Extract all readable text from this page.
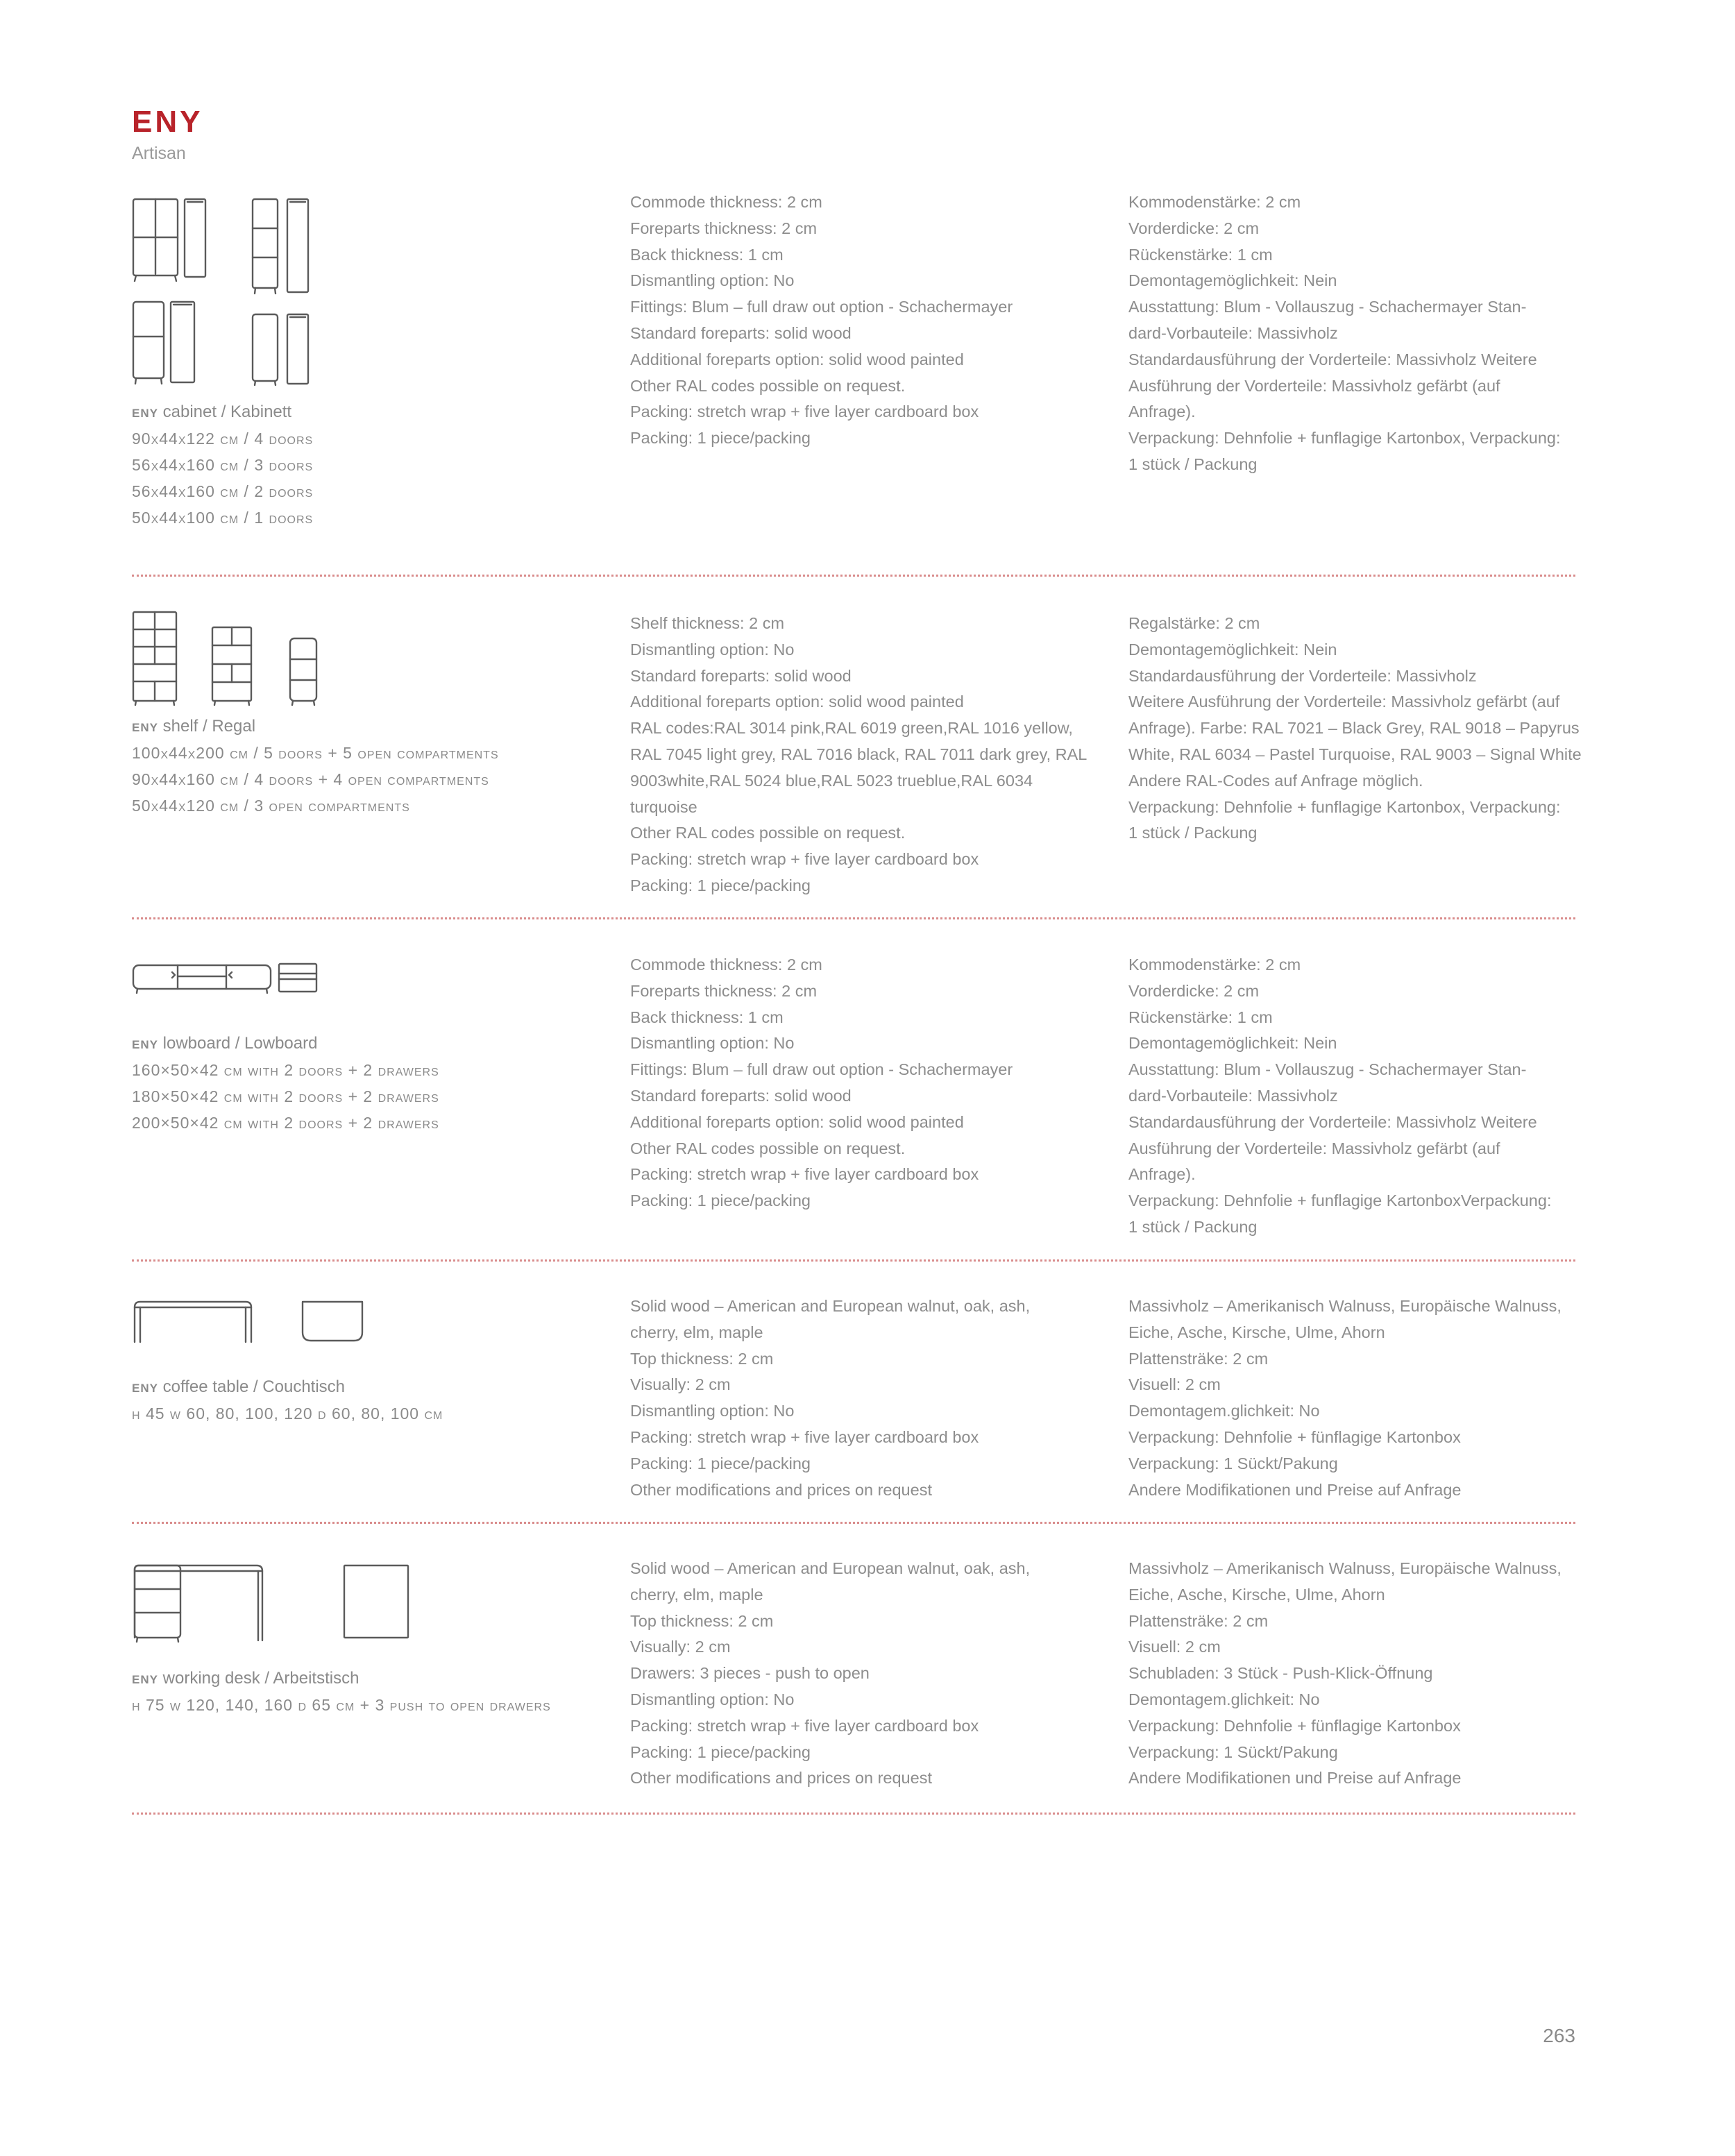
ENY
Artisan
eny cabinet / Kabinett
90x44x122 cm / 4 doors
56x44x160 cm / 3 doors
56x44x160 cm / 2 doors
50x44x100 cm / 1 doors
Commode thickness: 2 cm
Foreparts thickness: 2 cm
Back thickness: 1 cm
Dismantling option: No
Fittings: Blum – full draw out option - Schachermayer
Standard foreparts: solid wood
Additional foreparts option: solid wood painted
Other RAL codes possible on request.
Packing: stretch wrap + five layer cardboard box
Packing: 1 piece/packing
Kommodenstärke: 2 cm
Vorderdicke: 2 cm
Rückenstärke: 1 cm
Demontagemöglichkeit: Nein
Ausstattung: Blum - Vollauszug - Schachermayer Stan-
dard-Vorbauteile: Massivholz
Standardausführung der Vorderteile: Massivholz Weitere
Ausführung der Vorderteile: Massivholz gefärbt (auf
Anfrage).
Verpackung: Dehnfolie + funflagige Kartonbox, Verpackung:
1 stück / Packung
eny shelf / Regal
100x44x200 cm / 5 doors + 5 open compartments
90x44x160 cm / 4 doors + 4 open compartments
50x44x120 cm / 3 open compartments
Shelf thickness: 2 cm
Dismantling option: No
Standard foreparts: solid wood
Additional foreparts option: solid wood painted
RAL codes:RAL 3014 pink,RAL 6019 green,RAL 1016 yellow,
RAL 7045 light grey, RAL 7016 black, RAL 7011 dark grey, RAL
9003white,RAL 5024 blue,RAL 5023 trueblue,RAL 6034
turquoise
Other RAL codes possible on request.
Packing: stretch wrap + five layer cardboard box
Packing: 1 piece/packing
Regalstärke: 2 cm
Demontagemöglichkeit: Nein
Standardausführung der Vorderteile: Massivholz
Weitere Ausführung der Vorderteile: Massivholz gefärbt (auf
Anfrage). Farbe: RAL 7021 – Black Grey, RAL 9018 – Papyrus
White, RAL 6034 – Pastel Turquoise, RAL 9003 – Signal White
Andere RAL-Codes auf Anfrage möglich.
Verpackung: Dehnfolie + funflagige Kartonbox, Verpackung:
1 stück / Packung
eny lowboard / Lowboard
160×50×42 cm with 2 doors + 2 drawers
180×50×42 cm with 2 doors + 2 drawers
200×50×42 cm with 2 doors + 2 drawers
Commode thickness: 2 cm
Foreparts thickness: 2 cm
Back thickness: 1 cm
Dismantling option: No
Fittings: Blum – full draw out option - Schachermayer
Standard foreparts: solid wood
Additional foreparts option: solid wood painted
Other RAL codes possible on request.
Packing: stretch wrap + five layer cardboard box
Packing: 1 piece/packing
Kommodenstärke: 2 cm
Vorderdicke: 2 cm
Rückenstärke: 1 cm
Demontagemöglichkeit: Nein
Ausstattung: Blum - Vollauszug - Schachermayer Stan-
dard-Vorbauteile: Massivholz
Standardausführung der Vorderteile: Massivholz Weitere
Ausführung der Vorderteile: Massivholz gefärbt (auf
Anfrage).
Verpackung: Dehnfolie + funflagige KartonboxVerpackung:
1 stück / Packung
eny coffee table / Couchtisch
h 45 w 60, 80, 100, 120 d 60, 80, 100 cm
Solid wood – American and European walnut, oak, ash,
cherry, elm, maple
Top thickness: 2 cm
Visually: 2 cm
Dismantling option: No
Packing: stretch wrap + five layer cardboard box
Packing: 1 piece/packing
Other modifications and prices on request
Massivholz – Amerikanisch Walnuss, Europäische Walnuss,
Eiche, Asche, Kirsche, Ulme, Ahorn
Plattensträke: 2 cm
Visuell: 2 cm
Demontagem.glichkeit: No
Verpackung: Dehnfolie + fünflagige Kartonbox
Verpackung: 1 Sückt/Pakung
Andere Modifikationen und Preise auf Anfrage
eny working desk / Arbeitstisch
h 75 w 120, 140, 160 d 65 cm + 3 push to open drawers
Solid wood – American and European walnut, oak, ash,
cherry, elm, maple
Top thickness: 2 cm
Visually: 2 cm
Drawers: 3 pieces - push to open
Dismantling option: No
Packing: stretch wrap + five layer cardboard box
Packing: 1 piece/packing
Other modifications and prices on request
Massivholz – Amerikanisch Walnuss, Europäische Walnuss,
Eiche, Asche, Kirsche, Ulme, Ahorn
Plattensträke: 2 cm
Visuell: 2 cm
Schubladen: 3 Stück - Push-Klick-Öffnung
Demontagem.glichkeit: No
Verpackung: Dehnfolie + fünflagige Kartonbox
Verpackung: 1 Sückt/Pakung
Andere Modifikationen und Preise auf Anfrage
263
